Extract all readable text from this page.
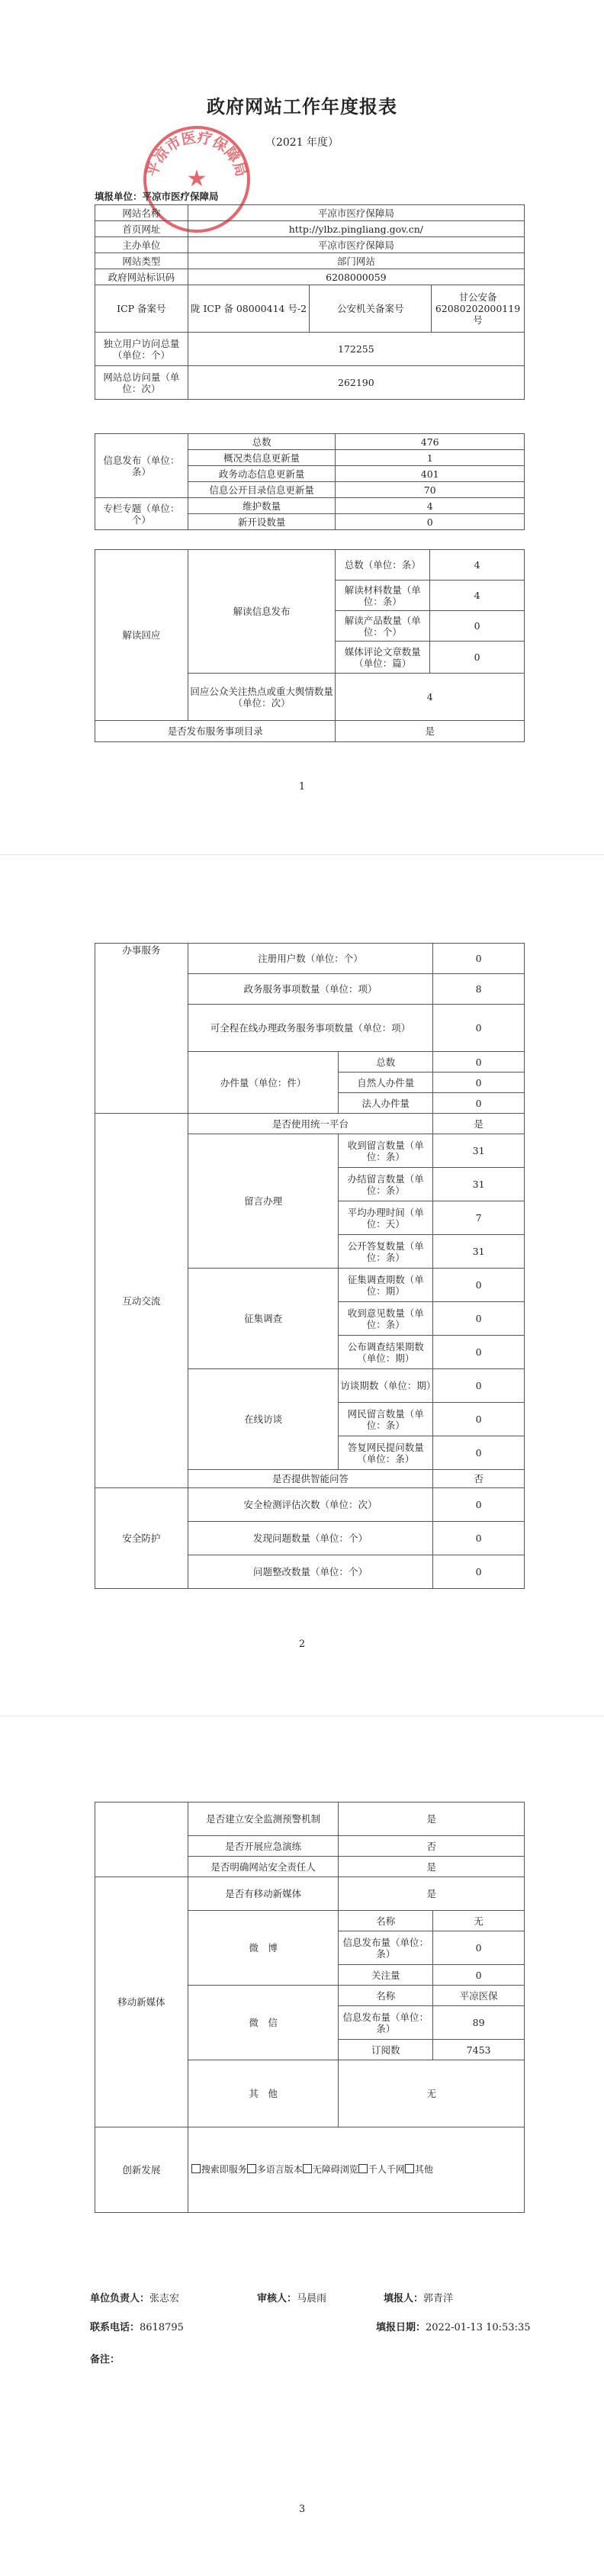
★
平凉市医疗保障局
政府网站工作年度报表
（2021 年度）
填报单位：平凉市医疗保障局
网站名称	平凉市医疗保障局		
首页网址	http://ylbz.pingliang.gov.cn/		
主办单位	平凉市医疗保障局		
网站类型	部门网站		
政府网站标识码	6208000059		
ICP 备案号	陇 ICP 备 08000414 号-2	公安机关备案号	甘公安备 62080202000119 号
独立用户访问总量（单位：个）	172255		
网站总访问量（单位：次）	262190		
信息发布（单位：条）	总数	476
	概况类信息更新量	1
	政务动态信息更新量	401
	信息公开目录信息更新量	70
专栏专题（单位：个）	维护数量	4
	新开设数量	0
解读回应	解读信息发布	总数（单位：条）	4
		解读材料数量（单位：条）	4
		解读产品数量（单位：个）	0
		媒体评论文章数量（单位：篇）	0
	回应公众关注热点或重大舆情数量（单位：次）	4	
是否发布服务事项目录		是	
1
办事服务	注册用户数（单位：个）		0
	政务服务事项数量（单位：项）		8
	可全程在线办理政务服务事项数量（单位：项）		0
	办件量（单位：件）	总数	0
		自然人办件量	0
		法人办件量	0
互动交流	是否使用统一平台		是
	留言办理	收到留言数量（单位：条）	31
		办结留言数量（单位：条）	31
		平均办理时间（单位：天）	7
		公开答复数量（单位：条）	31
	征集调查	征集调查期数（单位：期）	0
		收到意见数量（单位：条）	0
		公布调查结果期数（单位：期）	0
	在线访谈	访谈期数（单位：期）	0
		网民留言数量（单位：条）	0
		答复网民提问数量（单位：条）	0
	是否提供智能问答		否
安全防护	安全检测评估次数（单位：次）		0
	发现问题数量（单位：个）		0
	问题整改数量（单位：个）		0
2
	是否建立安全监测预警机制	是	
	是否开展应急演练	否	
	是否明确网站安全责任人	是	
移动新媒体	是否有移动新媒体	是	
	微　博	名称	无
		信息发布量（单位：条）	0
		关注量	0
	微　信	名称	平凉医保
		信息发布量（单位：条）	89
		订阅数	7453
	其　他	无	
创新发展	搜索即服务 多语言版本 无障碍浏览 千人千网 其他		
单位负责人：张志宏	审核人：马晨雨	填报人：郭青洋
联系电话：8618795	填报日期：2022-01-13 10:53:35
备注：
3
